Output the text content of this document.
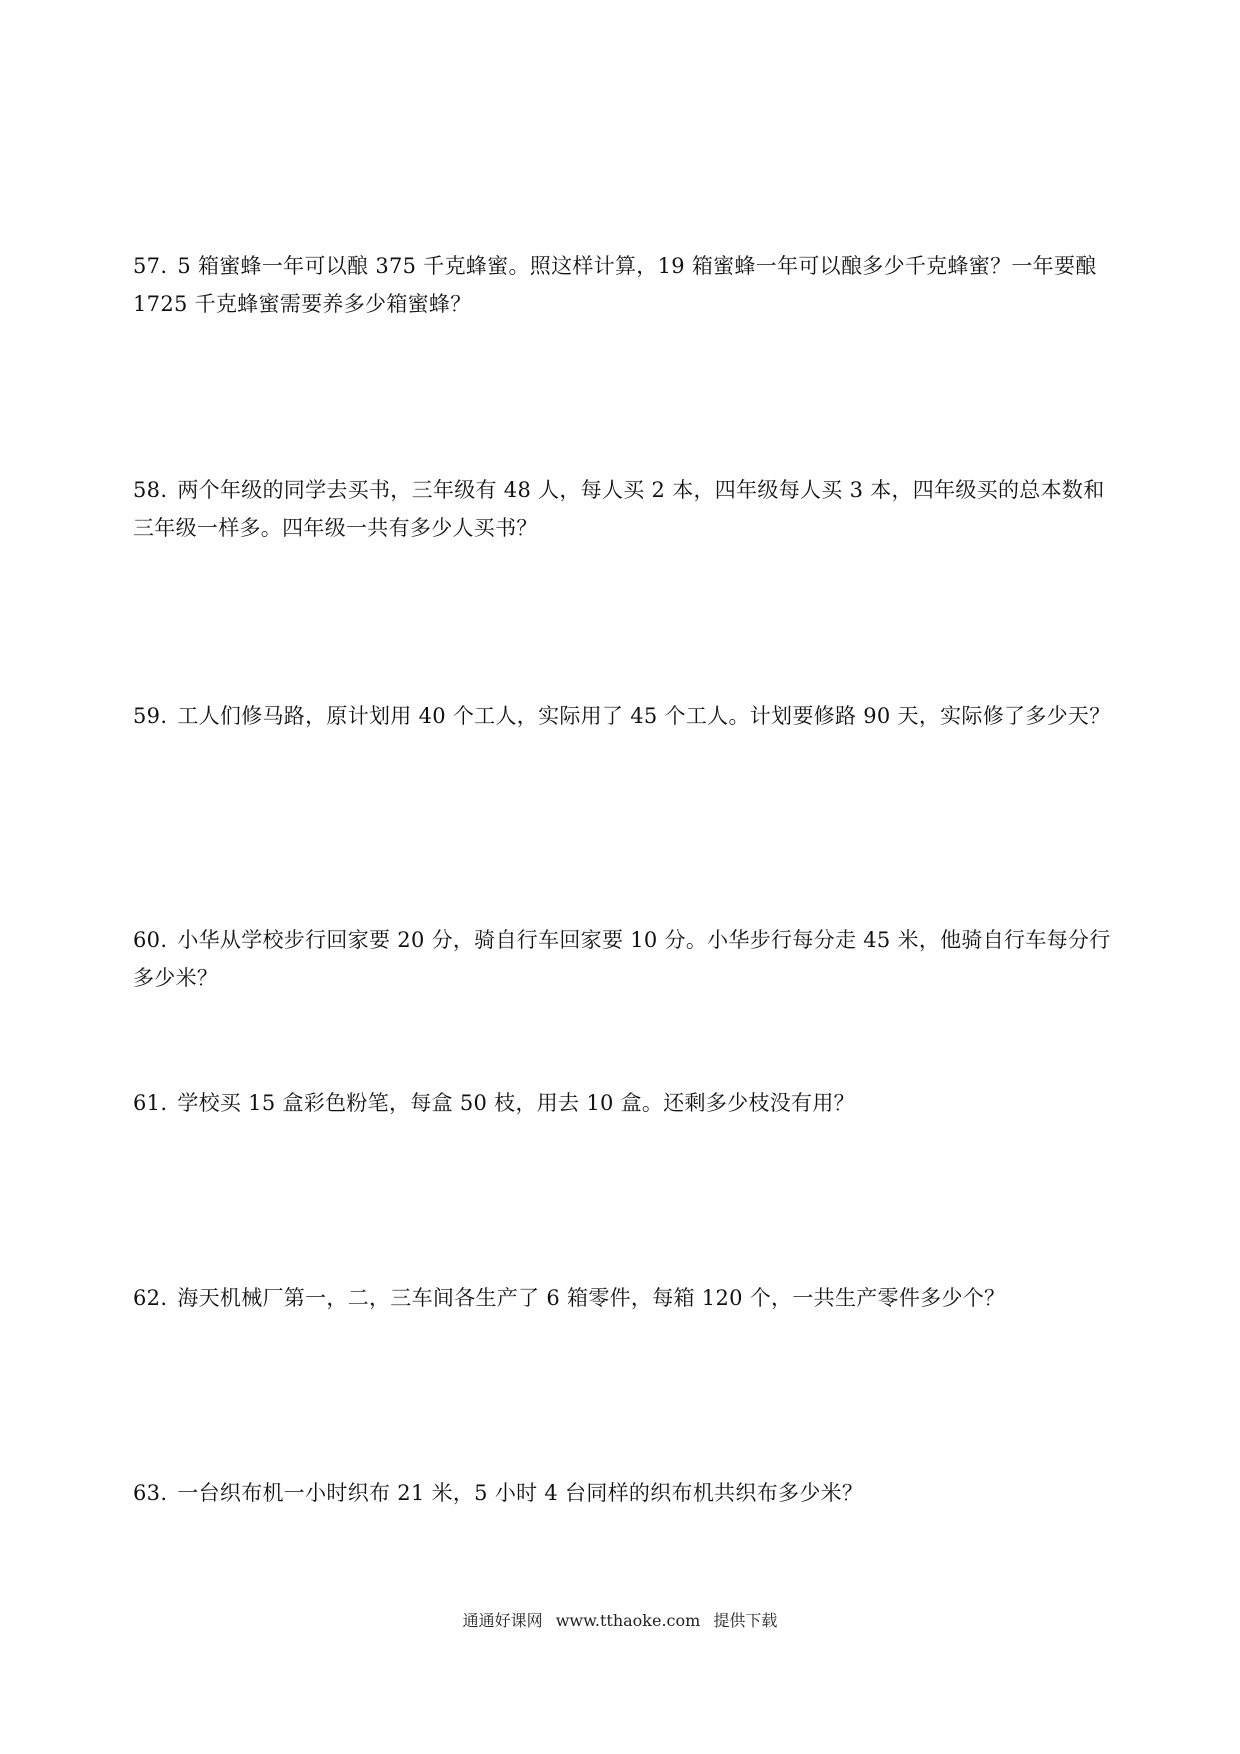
57. 5 箱蜜蜂一年可以酿 375 千克蜂蜜。照这样计算，19 箱蜜蜂一年可以酿多少千克蜂蜜？一年要酿 1725 千克蜂蜜需要养多少箱蜜蜂？
58. 两个年级的同学去买书，三年级有 48 人，每人买 2 本，四年级每人买 3 本，四年级买的总本数和三年级一样多。四年级一共有多少人买书？
59. 工人们修马路，原计划用 40 个工人，实际用了 45 个工人。计划要修路 90 天，实际修了多少天？
60. 小华从学校步行回家要 20 分，骑自行车回家要 10 分。小华步行每分走 45 米，他骑自行车每分行多少米？
61. 学校买 15 盒彩色粉笔，每盒 50 枝，用去 10 盒。还剩多少枝没有用？
62. 海天机械厂第一，二，三车间各生产了 6 箱零件，每箱 120 个，一共生产零件多少个？
63. 一台织布机一小时织布 21 米，5 小时 4 台同样的织布机共织布多少米？
通通好课网 www.tthaoke.com 提供下载
